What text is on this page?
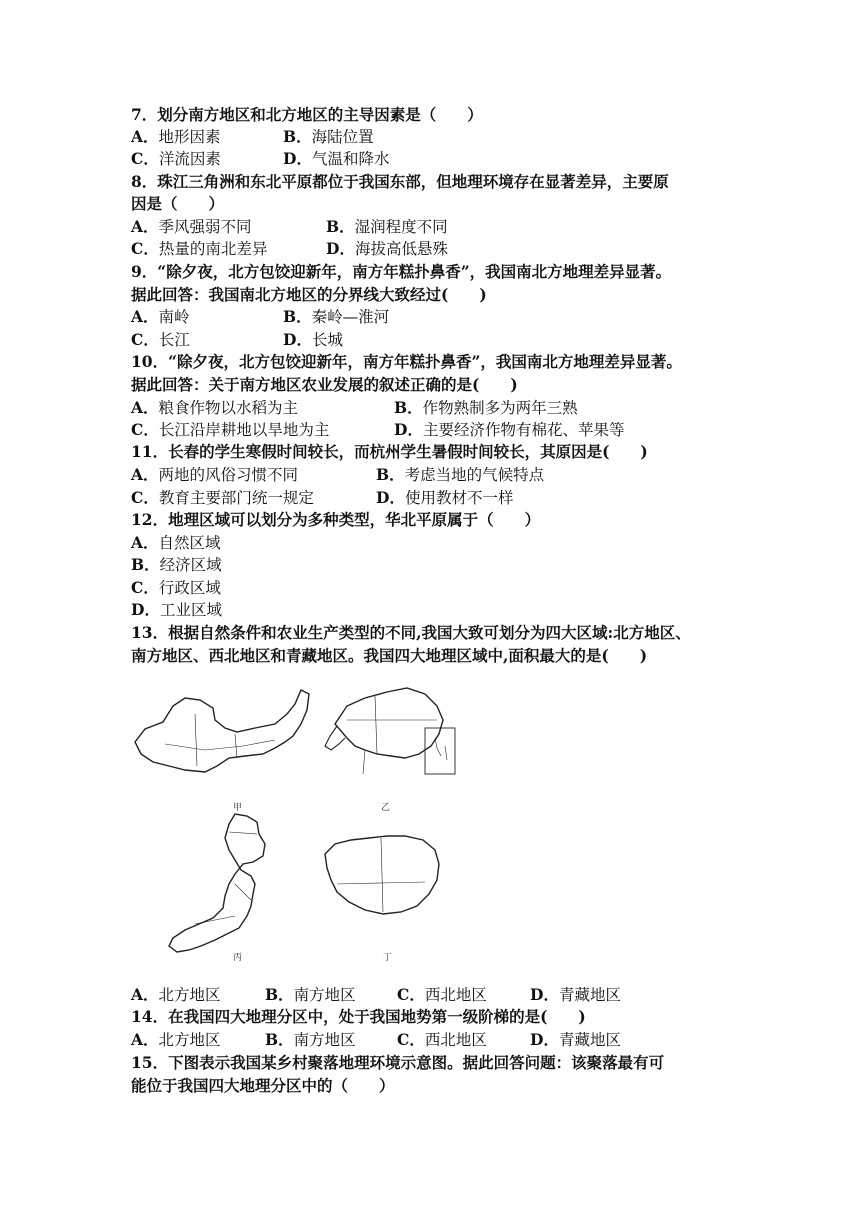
7．划分南方地区和北方地区的主导因素是（　　）
A．地形因素	B．海陆位置
C．洋流因素	D．气温和降水
8．珠江三角洲和东北平原都位于我国东部，但地理环境存在显著差异，主要原
因是（　　）
A．季风强弱不同	B．湿润程度不同
C．热量的南北差异	D．海拔高低悬殊
9．“除夕夜，北方包饺迎新年，南方年糕扑鼻香”，我国南北方地理差异显著。
据此回答：我国南北方地区的分界线大致经过(　　)
A．南岭	B．秦岭—淮河
C．长江	D．长城
10．“除夕夜，北方包饺迎新年，南方年糕扑鼻香”，我国南北方地理差异显著。
据此回答：关于南方地区农业发展的叙述正确的是(　　)
A．粮食作物以水稻为主	B．作物熟制多为两年三熟
C．长江沿岸耕地以旱地为主	D．主要经济作物有棉花、苹果等
11．长春的学生寒假时间较长，而杭州学生暑假时间较长，其原因是(　　)
A．两地的风俗习惯不同	B．考虑当地的气候特点
C．教育主要部门统一规定	D．使用教材不一样
12．地理区域可以划分为多种类型，华北平原属于（　　）
A．自然区域
B．经济区域
C．行政区域
D．工业区域
13．根据自然条件和农业生产类型的不同,我国大致可划分为四大区域:北方地区、
南方地区、西北地区和青藏地区。我国四大地理区域中,面积最大的是(　　)
甲	乙
丙	丁
A．北方地区	B．南方地区	C．西北地区	D．青藏地区
14．在我国四大地理分区中，处于我国地势第一级阶梯的是(　　)
A．北方地区	B．南方地区	C．西北地区	D．青藏地区
15．下图表示我国某乡村聚落地理环境示意图。据此回答问题：该聚落最有可
能位于我国四大地理分区中的（　　）
